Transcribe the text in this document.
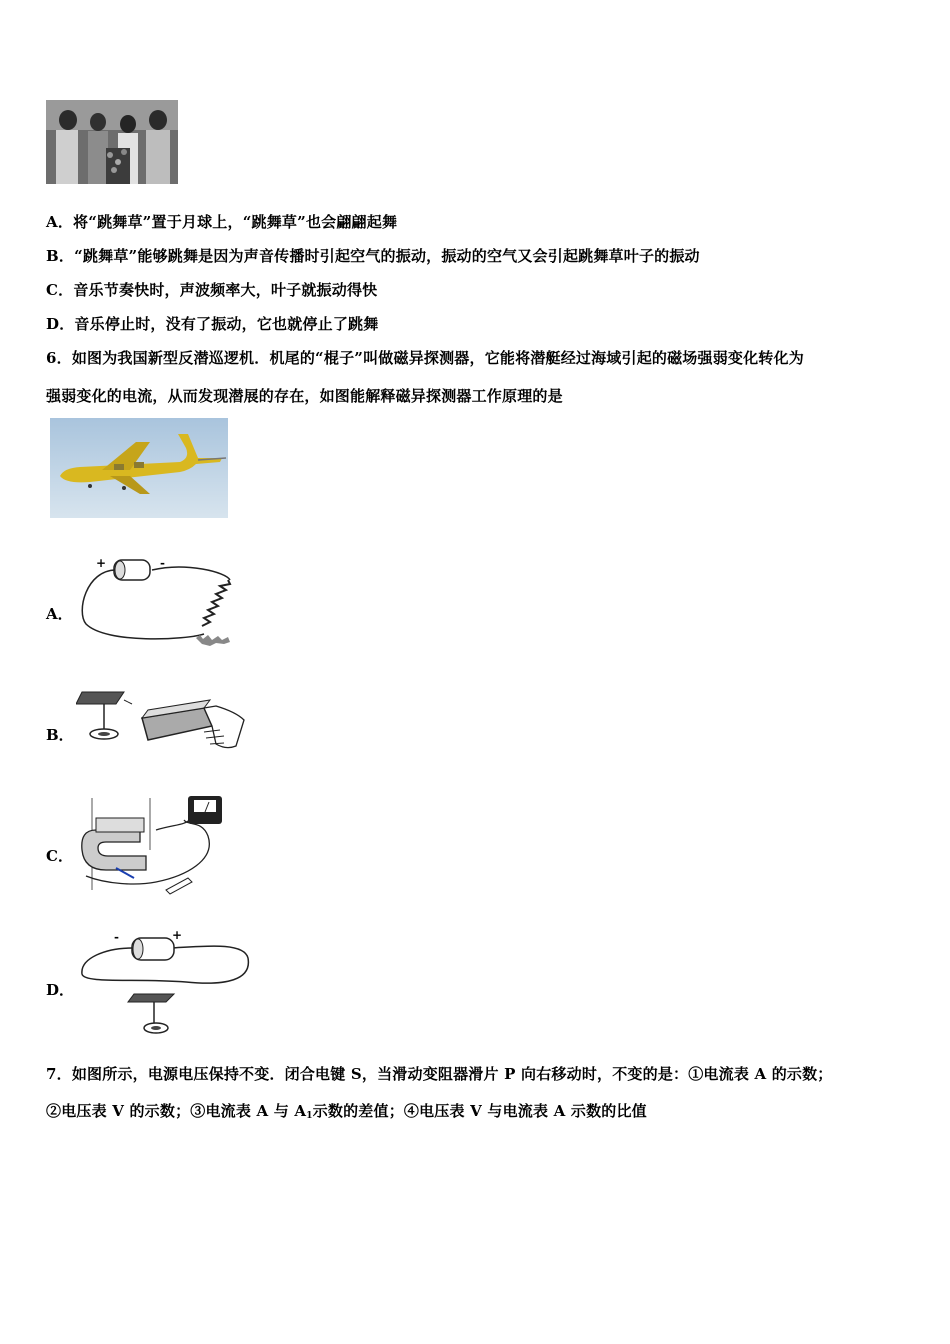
A．将“跳舞草”置于月球上，“跳舞草”也会翩翩起舞
B．“跳舞草”能够跳舞是因为声音传播时引起空气的振动，振动的空气又会引起跳舞草叶子的振动
C．音乐节奏快时，声波频率大，叶子就振动得快
D．音乐停止时，没有了振动，它也就停止了跳舞
6．如图为我国新型反潜巡逻机．机尾的“棍子”叫做磁异探测器，它能将潜艇经过海域引起的磁场强弱变化转化为
强弱变化的电流，从而发现潜展的存在，如图能解释磁异探测器工作原理的是
A．
+	-
B．
C．
D．
-	+
7．如图所示，电源电压保持不变．闭合电键 S，当滑动变阻器滑片 P 向右移动时，不变的是：①电流表 A 的示数；
②电压表 V 的示数；③电流表 A 与 $A_1$示数的差值；④电压表 V 与电流表 A 示数的比值
